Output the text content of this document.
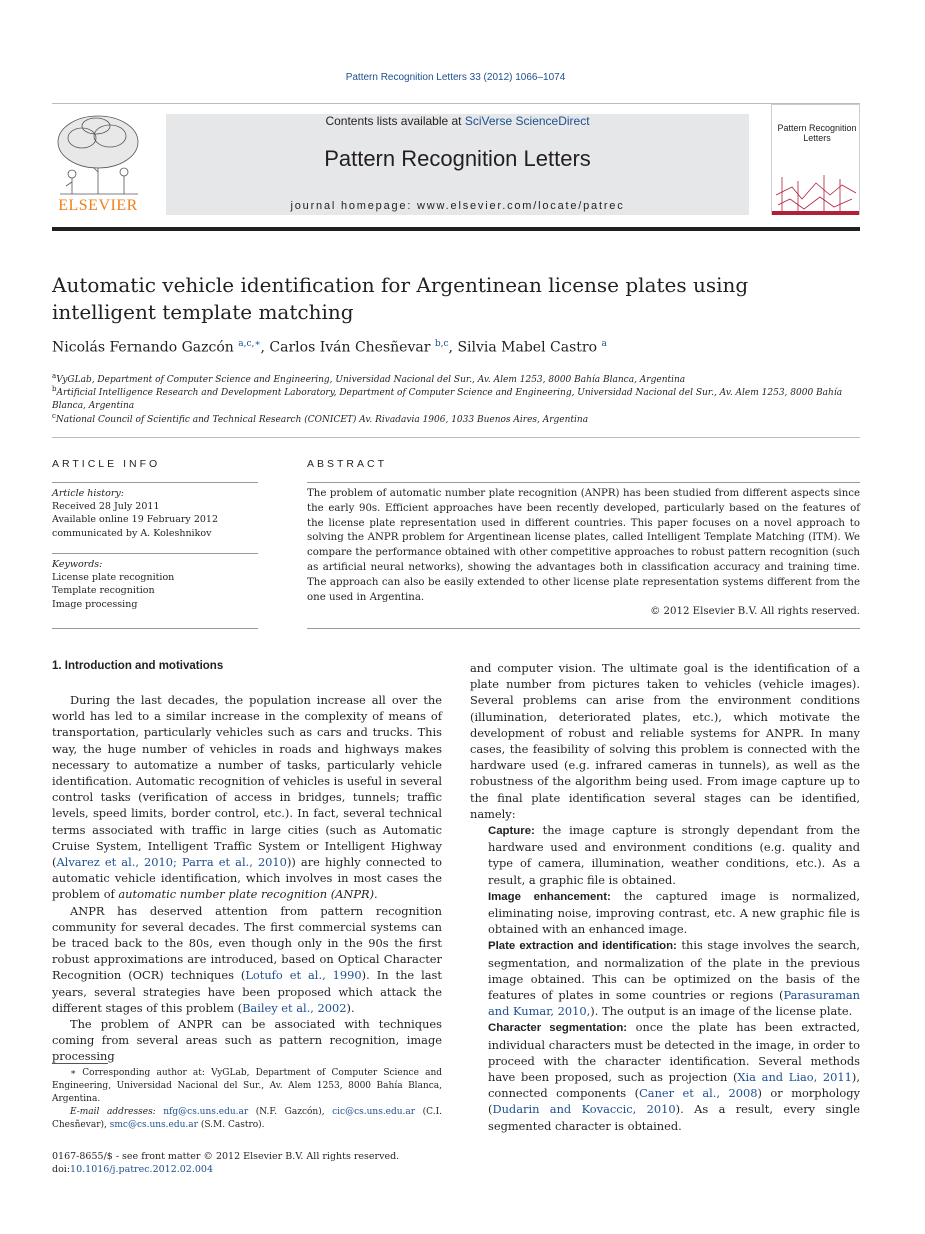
Pattern Recognition Letters 33 (2012) 1066–1074
ELSEVIER
Contents lists available at SciVerse ScienceDirect
Pattern Recognition Letters
journal homepage: www.elsevier.com/locate/patrec
Pattern Recognition Letters
Automatic vehicle identification for Argentinean license plates using intelligent template matching
Nicolás Fernando Gazcón $^{a,c,∗}$, Carlos Iván Chesñevar $^{b,c}$, Silvia Mabel Castro $^a$
$^a$VyGLab, Department of Computer Science and Engineering, Universidad Nacional del Sur., Av. Alem 1253, 8000 Bahía Blanca, Argentina
$^b$Artificial Intelligence Research and Development Laboratory, Department of Computer Science and Engineering, Universidad Nacional del Sur., Av. Alem 1253, 8000 Bahía Blanca, Argentina
$^c$National Council of Scientific and Technical Research (CONICET) Av. Rivadavia 1906, 1033 Buenos Aires, Argentina
ARTICLE INFO
Article history:
Received 28 July 2011
Available online 19 February 2012
communicated by A. Koleshnikov
Keywords:
License plate recognition
Template recognition
Image processing
ABSTRACT
The problem of automatic number plate recognition (ANPR) has been studied from different aspects since the early 90s. Efficient approaches have been recently developed, particularly based on the features of the license plate representation used in different countries. This paper focuses on a novel approach to solving the ANPR problem for Argentinean license plates, called Intelligent Template Matching (ITM). We compare the performance obtained with other competitive approaches to robust pattern recognition (such as artificial neural networks), showing the advantages both in classification accuracy and training time. The approach can also be easily extended to other license plate representation systems different from the one used in Argentina.
© 2012 Elsevier B.V. All rights reserved.
1. Introduction and motivations

During the last decades, the population increase all over the world has led to a similar increase in the complexity of means of transportation, particularly vehicles such as cars and trucks. This way, the huge number of vehicles in roads and highways makes necessary to automatize a number of tasks, particularly vehicle identification. Automatic recognition of vehicles is useful in several control tasks (verification of access in bridges, tunnels; traffic levels, speed limits, border control, etc.). In fact, several technical terms associated with traffic in large cities (such as Automatic Cruise System, Intelligent Traffic System or Intelligent Highway (Alvarez et al., 2010; Parra et al., 2010)) are highly connected to automatic vehicle identification, which involves in most cases the problem of automatic number plate recognition (ANPR).

ANPR has deserved attention from pattern recognition community for several decades. The first commercial systems can be traced back to the 80s, even though only in the 90s the first robust approximations are introduced, based on Optical Character Recognition (OCR) techniques (Lotufo et al., 1990). In the last years, several strategies have been proposed which attack the different stages of this problem (Bailey et al., 2002).

The problem of ANPR can be associated with techniques coming from several areas such as pattern recognition, image processing

∗ Corresponding author at: VyGLab, Department of Computer Science and Engineering, Universidad Nacional del Sur., Av. Alem 1253, 8000 Bahía Blanca, Argentina.
E-mail addresses: nfg@cs.uns.edu.ar (N.F. Gazcón), cic@cs.uns.edu.ar (C.I. Chesñevar), smc@cs.uns.edu.ar (S.M. Castro).
0167-8655/$ - see front matter © 2012 Elsevier B.V. All rights reserved.
doi:10.1016/j.patrec.2012.02.004

and computer vision. The ultimate goal is the identification of a plate number from pictures taken to vehicles (vehicle images). Several problems can arise from the environment conditions (illumination, deteriorated plates, etc.), which motivate the development of robust and reliable systems for ANPR. In many cases, the feasibility of solving this problem is connected with the hardware used (e.g. infrared cameras in tunnels), as well as the robustness of the algorithm being used. From image capture up to the final plate identification several stages can be identified, namely:

Capture: the image capture is strongly dependant from the hardware used and environment conditions (e.g. quality and type of camera, illumination, weather conditions, etc.). As a result, a graphic file is obtained.

Image enhancement: the captured image is normalized, eliminating noise, improving contrast, etc. A new graphic file is obtained with an enhanced image.

Plate extraction and identification: this stage involves the search, segmentation, and normalization of the plate in the previous image obtained. This can be optimized on the basis of the features of plates in some countries or regions (Parasuraman and Kumar, 2010,). The output is an image of the license plate.

Character segmentation: once the plate has been extracted, individual characters must be detected in the image, in order to proceed with the character identification. Several methods have been proposed, such as projection (Xia and Liao, 2011), connected components (Caner et al., 2008) or morphology (Dudarin and Kovaccic, 2010). As a result, every single segmented character is obtained.
